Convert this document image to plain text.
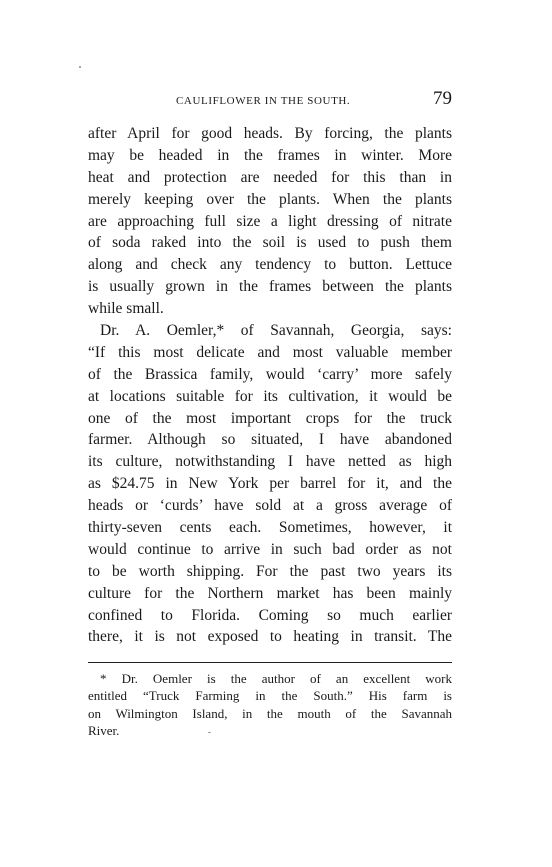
CAULIFLOWER IN THE SOUTH.	79
after April for good heads. By forcing, the plants
may be headed in the frames in winter. More
heat and protection are needed for this than in
merely keeping over the plants. When the plants
are approaching full size a light dressing of nitrate
of soda raked into the soil is used to push them
along and check any tendency to button. Lettuce
is usually grown in the frames between the plants
while small.
Dr. A. Oemler,* of Savannah, Georgia, says:
“If this most delicate and most valuable member
of the Brassica family, would ‘carry’ more safely
at locations suitable for its cultivation, it would be
one of the most important crops for the truck
farmer. Although so situated, I have abandoned
its culture, notwithstanding I have netted as high
as $24.75 in New York per barrel for it, and the
heads or ‘curds’ have sold at a gross average of
thirty-seven cents each. Sometimes, however, it
would continue to arrive in such bad order as not
to be worth shipping. For the past two years its
culture for the Northern market has been mainly
confined to Florida. Coming so much earlier
there, it is not exposed to heating in transit. The
* Dr. Oemler is the author of an excellent work
entitled “Truck Farming in the South.” His farm is
on Wilmington Island, in the mouth of the Savannah
River.
